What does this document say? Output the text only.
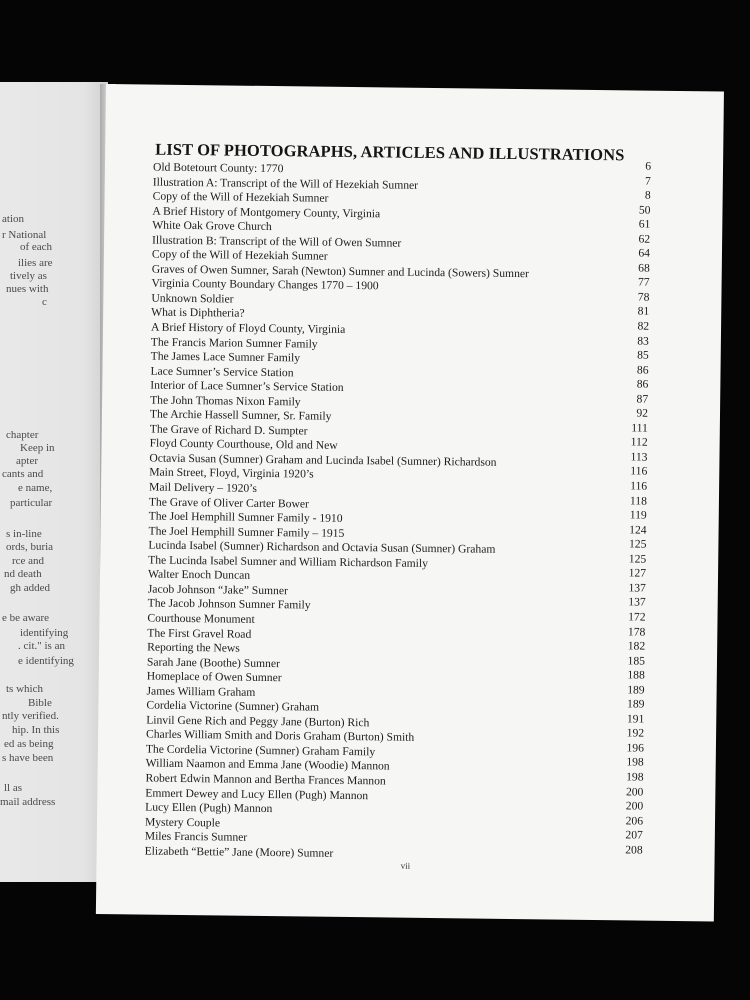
ation
r National
of each
ilies are
tively as
nues with
c
chapter
Keep in
apter
cants and
e name,
particular
s in-line
ords, buria
rce and
nd death
gh added
e be aware
identifying
. cit." is an
e identifying
ts which
Bible
ntly verified.
hip. In this
ed as being
s have been
ll as
mail address
LIST OF PHOTOGRAPHS, ARTICLES AND ILLUSTRATIONS
Old Botetourt County: 1770	6
Illustration A: Transcript of the Will of Hezekiah Sumner	7
Copy of the Will of Hezekiah Sumner	8
A Brief History of Montgomery County, Virginia	50
White Oak Grove Church	61
Illustration B: Transcript of the Will of Owen Sumner	62
Copy of the Will of Hezekiah Sumner	64
Graves of Owen Sumner, Sarah (Newton) Sumner and Lucinda (Sowers) Sumner	68
Virginia County Boundary Changes 1770 – 1900	77
Unknown Soldier	78
What is Diphtheria?	81
A Brief History of Floyd County, Virginia	82
The Francis Marion Sumner Family	83
The James Lace Sumner Family	85
Lace Sumner’s Service Station	86
Interior of Lace Sumner’s Service Station	86
The John Thomas Nixon Family	87
The Archie Hassell Sumner, Sr. Family	92
The Grave of Richard D. Sumpter	111
Floyd County Courthouse, Old and New	112
Octavia Susan (Sumner) Graham and Lucinda Isabel (Sumner) Richardson	113
Main Street, Floyd, Virginia 1920’s	116
Mail Delivery – 1920’s	116
The Grave of Oliver Carter Bower	118
The Joel Hemphill Sumner Family - 1910	119
The Joel Hemphill Sumner Family – 1915	124
Lucinda Isabel (Sumner) Richardson and Octavia Susan (Sumner) Graham	125
The Lucinda Isabel Sumner and William Richardson Family	125
Walter Enoch Duncan	127
Jacob Johnson “Jake” Sumner	137
The Jacob Johnson Sumner Family	137
Courthouse Monument	172
The First Gravel Road	178
Reporting the News	182
Sarah Jane (Boothe) Sumner	185
Homeplace of Owen Sumner	188
James William Graham	189
Cordelia Victorine (Sumner) Graham	189
Linvil Gene Rich and Peggy Jane (Burton) Rich	191
Charles William Smith and Doris Graham (Burton) Smith	192
The Cordelia Victorine (Sumner) Graham Family	196
William Naamon and Emma Jane (Woodie) Mannon	198
Robert Edwin Mannon and Bertha Frances Mannon	198
Emmert Dewey and Lucy Ellen (Pugh) Mannon	200
Lucy Ellen (Pugh) Mannon	200
Mystery Couple	206
Miles Francis Sumner	207
Elizabeth “Bettie” Jane (Moore) Sumner	208
vii
